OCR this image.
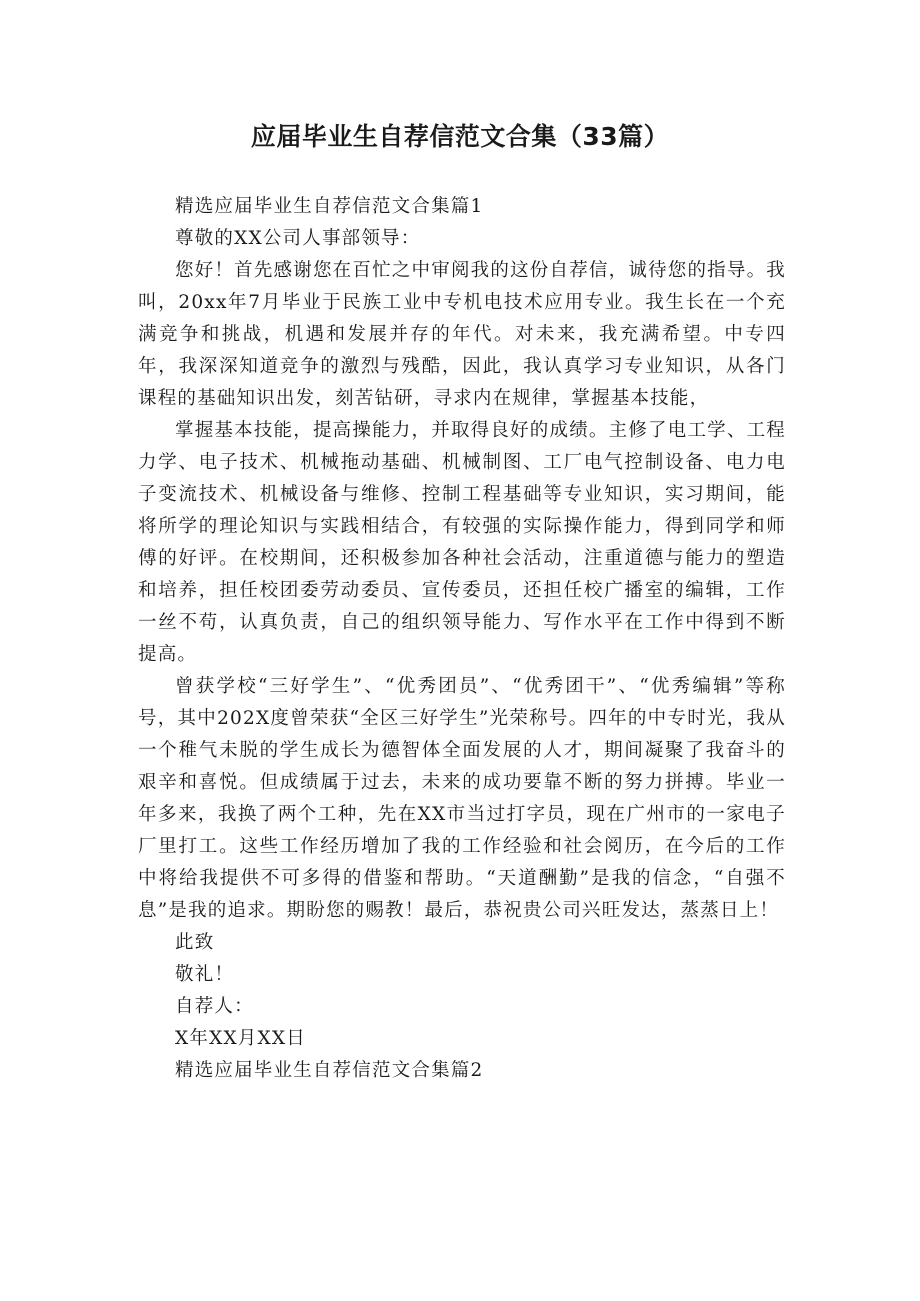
应届毕业生自荐信范文合集（33篇）

精选应届毕业生自荐信范文合集篇1

尊敬的XX公司人事部领导：

您好！首先感谢您在百忙之中审阅我的这份自荐信，诚待您的指导。我叫，20xx年7月毕业于民族工业中专机电技术应用专业。我生长在一个充满竞争和挑战，机遇和发展并存的年代。对未来，我充满希望。中专四年，我深深知道竞争的激烈与残酷，因此，我认真学习专业知识，从各门课程的基础知识出发，刻苦钻研，寻求内在规律，掌握基本技能，

掌握基本技能，提高操能力，并取得良好的成绩。主修了电工学、工程力学、电子技术、机械拖动基础、机械制图、工厂电气控制设备、电力电子变流技术、机械设备与维修、控制工程基础等专业知识，实习期间，能将所学的理论知识与实践相结合，有较强的实际操作能力，得到同学和师傅的好评。在校期间，还积极参加各种社会活动，注重道德与能力的塑造和培养，担任校团委劳动委员、宣传委员，还担任校广播室的编辑，工作一丝不苟，认真负责，自己的组织领导能力、写作水平在工作中得到不断提高。

曾获学校“三好学生”、“优秀团员”、“优秀团干”、“优秀编辑”等称号，其中202X度曾荣获“全区三好学生”光荣称号。四年的中专时光，我从一个稚气未脱的学生成长为德智体全面发展的人才，期间凝聚了我奋斗的艰辛和喜悦。但成绩属于过去，未来的成功要靠不断的努力拼搏。毕业一年多来，我换了两个工种，先在XX市当过打字员，现在广州市的一家电子厂里打工。这些工作经历增加了我的工作经验和社会阅历，在今后的工作中将给我提供不可多得的借鉴和帮助。“天道酬勤”是我的信念，“自强不息”是我的追求。期盼您的赐教！最后，恭祝贵公司兴旺发达，蒸蒸日上！

此致

敬礼！

自荐人：

X年XX月XX日

精选应届毕业生自荐信范文合集篇2
